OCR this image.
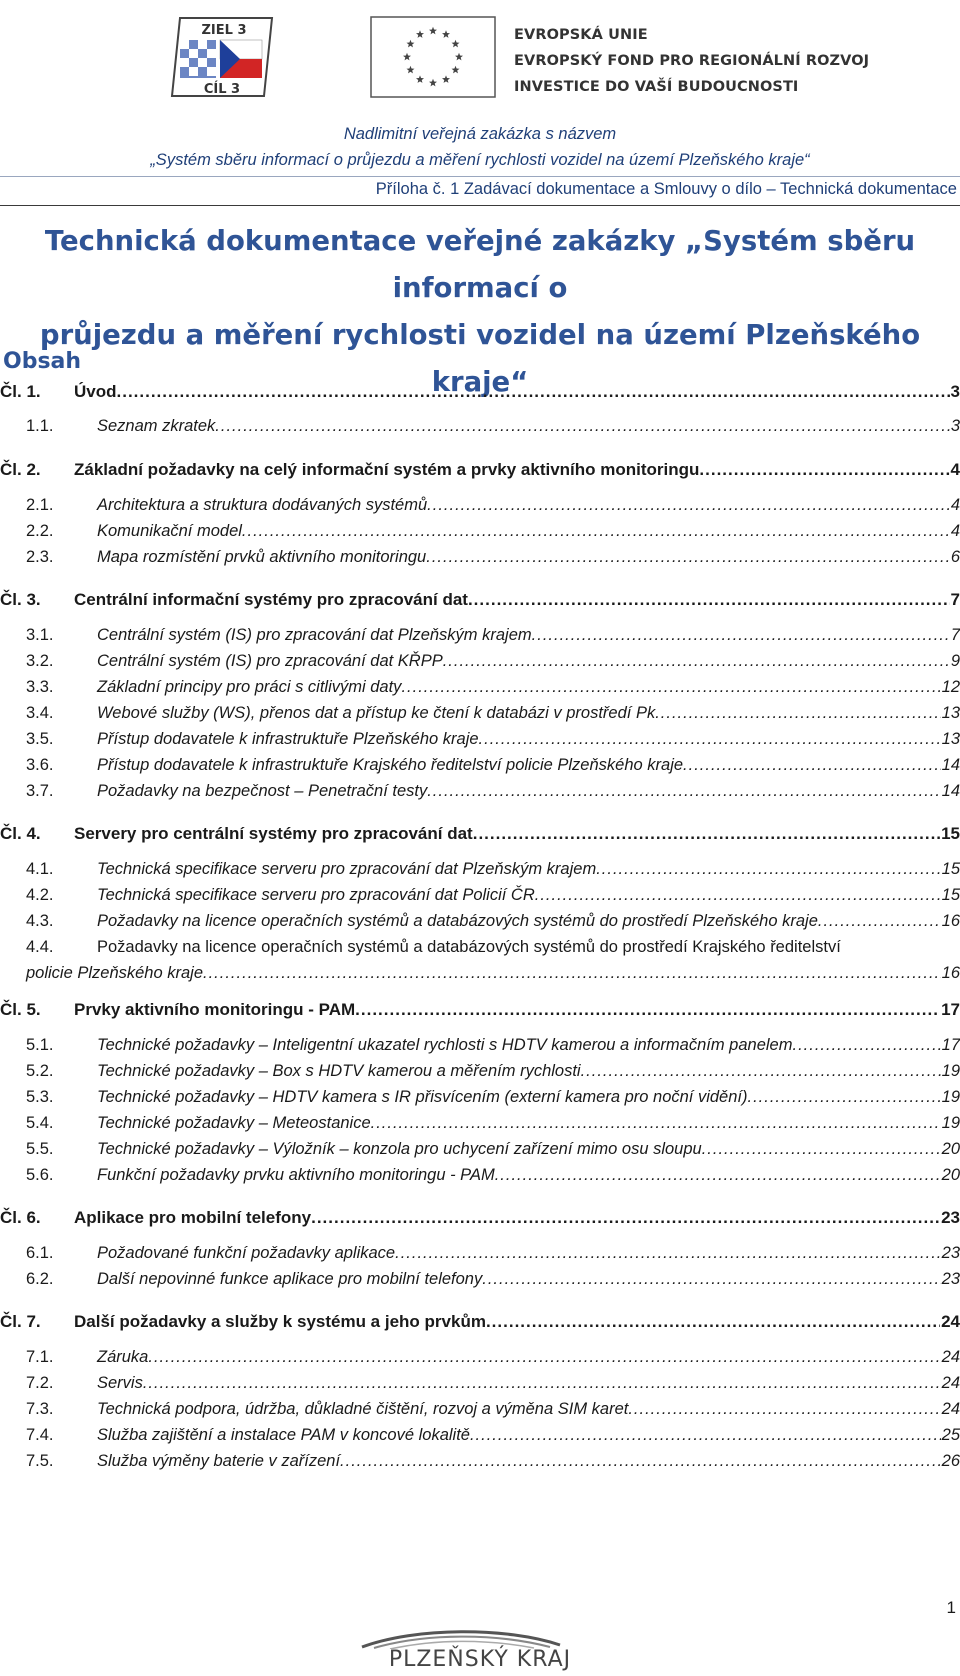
ZIEL 3
CÍL 3
EVROPSKÁ UNIE
EVROPSKÝ FOND PRO REGIONÁLNÍ ROZVOJ
INVESTICE DO VAŠÍ BUDOUCNOSTI
Nadlimitní veřejná zakázka s názvem
„Systém sběru informací o průjezdu a měření rychlosti vozidel na území Plzeňského kraje“
Příloha č. 1 Zadávací dokumentace a Smlouvy o dílo – Technická dokumentace
Technická dokumentace veřejné zakázky „Systém sběru informací o
průjezdu a měření rychlosti vozidel na území Plzeňského kraje“
Obsah
Čl. 1. Úvod .....	3
1.1.	Seznam zkratek .....	3
Čl. 2. Základní požadavky na celý informační systém a prvky aktivního monitoringu .....	4
2.1.	Architektura a struktura dodávaných systémů .....	4
2.2.	Komunikační model .....	4
2.3.	Mapa rozmístění prvků aktivního monitoringu .....	6
Čl. 3. Centrální informační systémy pro zpracování dat .....	7
3.1.	Centrální systém (IS) pro zpracování dat Plzeňským krajem .....	7
3.2.	Centrální systém (IS) pro zpracování dat KŘPP .....	9
3.3.	Základní principy pro práci s citlivými daty .....	12
3.4.	Webové služby (WS), přenos dat a přístup ke čtení k databázi v prostředí Pk .....	13
3.5.	Přístup dodavatele k infrastruktuře Plzeňského kraje .....	13
3.6.	Přístup dodavatele k infrastruktuře Krajského ředitelství policie Plzeňského kraje .....	14
3.7.	Požadavky na bezpečnost – Penetrační testy .....	14
Čl. 4. Servery pro centrální systémy pro zpracování dat .....	15
4.1.	Technická specifikace serveru pro zpracování dat Plzeňským krajem .....	15
4.2.	Technická specifikace serveru pro zpracování dat Policií ČR .....	15
4.3.	Požadavky na licence operačních systémů a databázových systémů do prostředí Plzeňského kraje .....	16
4.4.	Požadavky na licence operačních systémů a databázových systémů do prostředí Krajského ředitelství
policie Plzeňského kraje .....	16
Čl. 5. Prvky aktivního monitoringu - PAM .....	17
5.1.	Technické požadavky – Inteligentní ukazatel rychlosti s HDTV kamerou a informačním panelem .....	17
5.2.	Technické požadavky – Box s HDTV kamerou a měřením rychlosti .....	19
5.3.	Technické požadavky – HDTV kamera s IR přisvícením (externí kamera pro noční vidění) .....	19
5.4.	Technické požadavky – Meteostanice .....	19
5.5.	Technické požadavky – Výložník – konzola pro uchycení zařízení mimo osu sloupu .....	20
5.6.	Funkční požadavky prvku aktivního monitoringu - PAM .....	20
Čl. 6. Aplikace pro mobilní telefony .....	23
6.1.	Požadované funkční požadavky aplikace .....	23
6.2.	Další nepovinné funkce aplikace pro mobilní telefony .....	23
Čl. 7. Další požadavky a služby k systému a jeho prvkům .....	24
7.1.	Záruka .....	24
7.2.	Servis .....	24
7.3.	Technická podpora, údržba, důkladné čištění, rozvoj a výměna SIM karet .....	24
7.4.	Služba zajištění a instalace PAM v koncové lokalitě .....	25
7.5.	Služba výměny baterie v zařízení .....	26
1
PLZEŇSKÝ KRAJ
